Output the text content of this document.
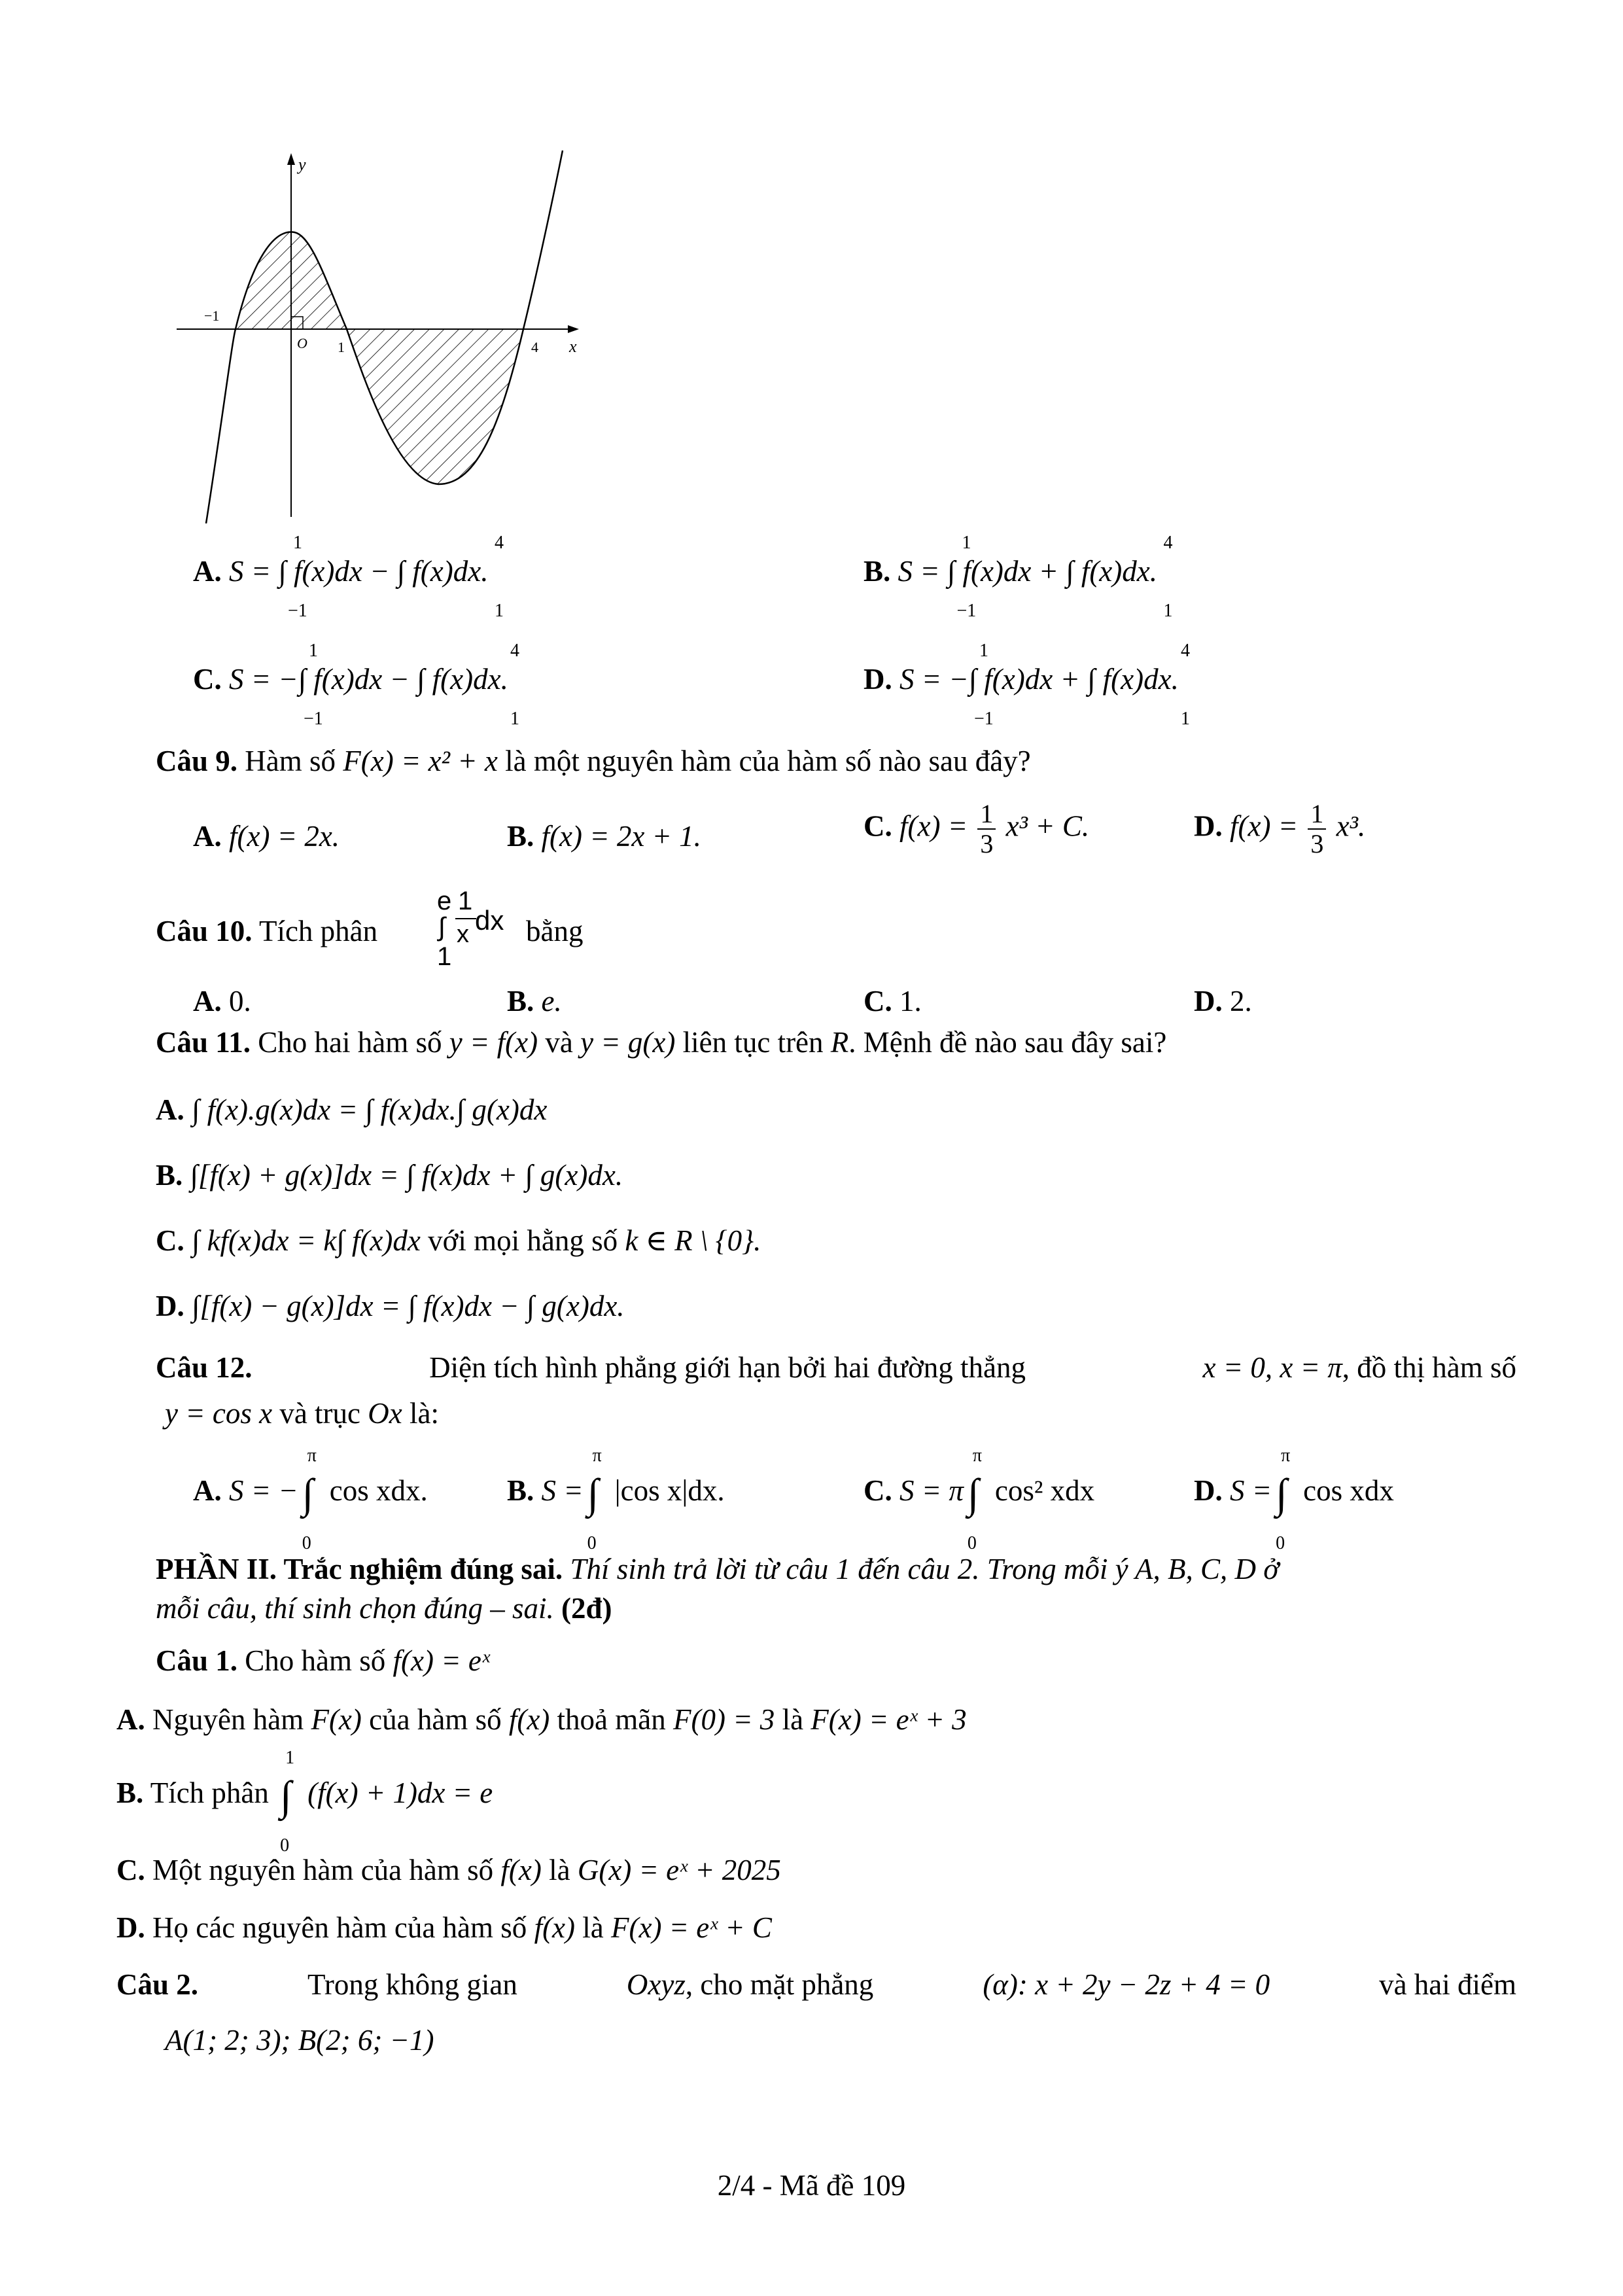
y
x
O
−1
1	4
A.
1
−1
4
1
S = ∫ f(x)dx − ∫ f(x)dx.	B.
1
−1
4
1
S = ∫ f(x)dx + ∫ f(x)dx.
C.
1
−1
4
1
S = −∫ f(x)dx − ∫ f(x)dx.	D.
1
−1
4
1
S = −∫ f(x)dx + ∫ f(x)dx.
Câu 9. Hàm số F(x) = x² + x là một nguyên hàm của hàm số nào sau đây?
A. f(x) = 2x.	B. f(x) = 2x + 1.	C. $f(x) = \frac{1}{3} x^3 + C$.	D. $f(x) = \frac{1}{3} x^3$.
Câu 10. Tích phân
e
∫
1
1
x dx bằng
A. 0.	B. e.	C. 1.	D. 2.
Câu 11. Cho hai hàm số y = f(x) và y = g(x) liên tục trên R. Mệnh đề nào sau đây sai?
A. ∫ f(x).g(x)dx = ∫ f(x)dx.∫ g(x)dx
B. ∫[f(x) + g(x)]dx = ∫ f(x)dx + ∫ g(x)dx.
C. ∫ kf(x)dx = k∫ f(x)dx với mọi hằng số k ∈ R \ {0}.
D. ∫[f(x) − g(x)]dx = ∫ f(x)dx − ∫ g(x)dx.
Câu 12.	Diện tích hình phẳng giới hạn bởi hai đường thẳng	x = 0, x = π, đồ thị hàm số
y = cos x và trục Ox là:
A. S = −
π
∫
0
cos xdx.	B. S =
π
∫
0
|cos x|dx.	C. S = π
π
∫
0
cos² xdx	D. S =
π
∫
0
cos xdx
PHẦN II. Trắc nghiệm đúng sai. Thí sinh trả lời từ câu 1 đến câu 2. Trong mỗi ý A, B, C, D ở
mỗi câu, thí sinh chọn đúng – sai. (2đ)
Câu 1. Cho hàm số f(x) = eˣ
A. Nguyên hàm F(x) của hàm số f(x) thoả mãn F(0) = 3 là F(x) = eˣ + 3
B. Tích phân
1
∫
0
(f(x) + 1)dx = e
C. Một nguyên hàm của hàm số f(x) là G(x) = eˣ + 2025
D. Họ các nguyên hàm của hàm số f(x) là F(x) = eˣ + C
Câu 2.	Trong không gian	Oxyz, cho mặt phẳng	(α): x + 2y − 2z + 4 = 0	và hai điểm
A(1; 2; 3); B(2; 6; −1)
2/4 - Mã đề 109
